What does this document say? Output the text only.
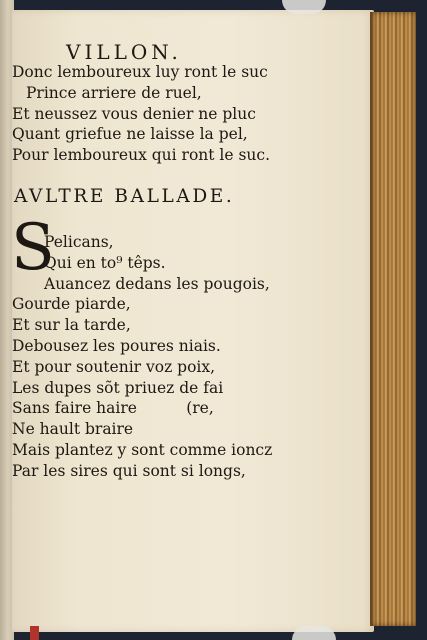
VILLON.
Donc lemboureux luy ront le suc
Prince arriere de ruel,
Et neussez vous denier ne pluc
Quant griefue ne laisse la pel,
Pour lemboureux qui ront le suc.
AVLTRE BALLADE.
S
Pelicans,
Qui en to⁹ têps.
Auancez dedans les pougois,
Gourde piarde,
Et sur la tarde,
Debousez les poures niais.
Et pour soutenir voz poix,
Les dupes sõt priuez de fai
Sans faire haire          (re,
Ne hault braire
Mais plantez y sont comme ioncz
Par les sires qui sont si longs,
